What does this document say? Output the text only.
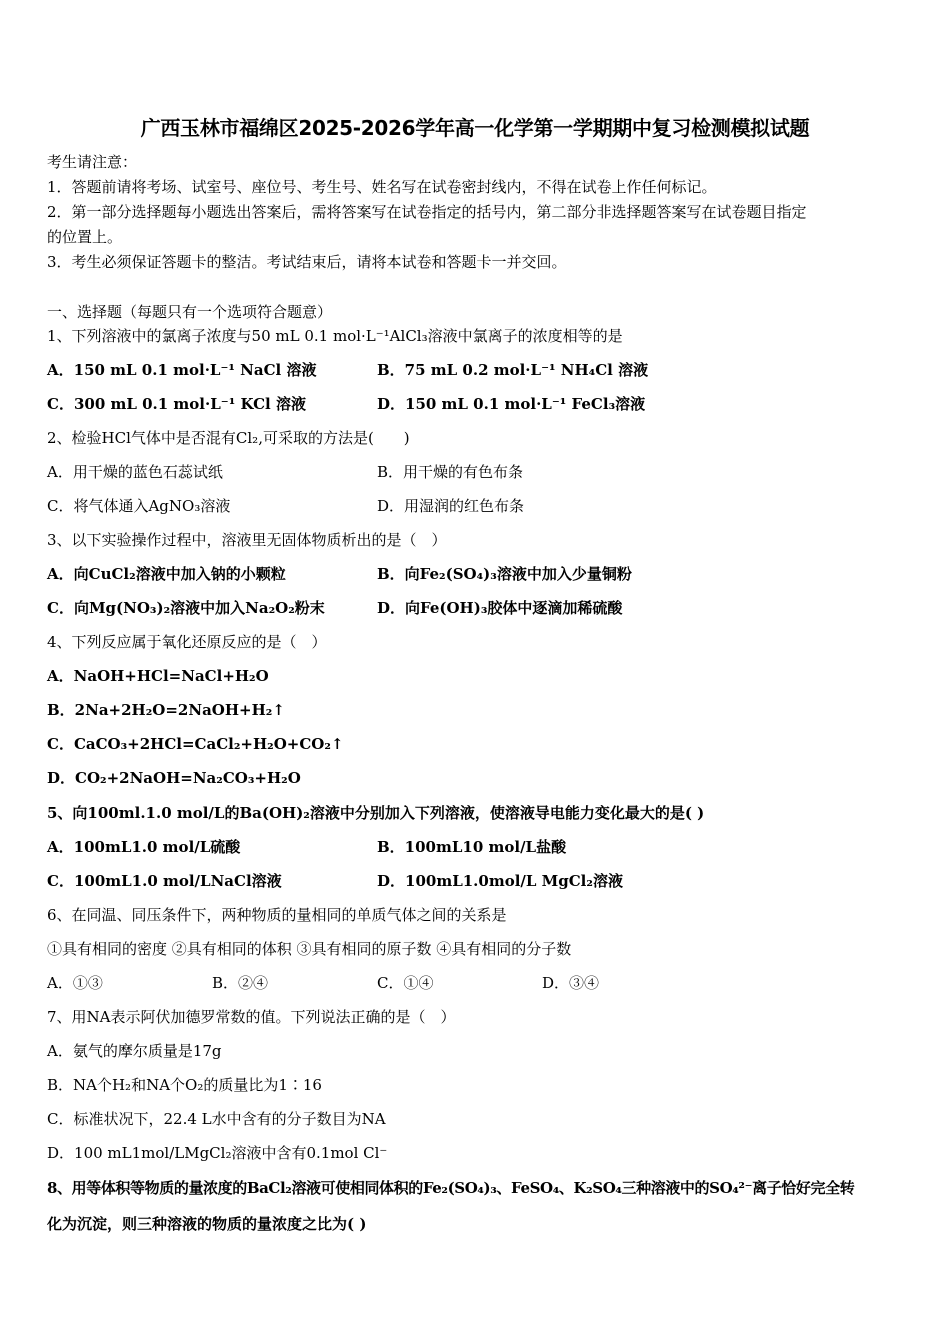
广西玉林市福绵区2025-2026学年高一化学第一学期期中复习检测模拟试题
考生请注意：
1．答题前请将考场、试室号、座位号、考生号、姓名写在试卷密封线内，不得在试卷上作任何标记。
2．第一部分选择题每小题选出答案后，需将答案写在试卷指定的括号内，第二部分非选择题答案写在试卷题目指定
的位置上。
3．考生必须保证答题卡的整洁。考试结束后，请将本试卷和答题卡一并交回。
一、选择题（每题只有一个选项符合题意）
1、下列溶液中的氯离子浓度与50 mL 0.1 mol·L⁻¹AlCl₃溶液中氯离子的浓度相等的是
A．150 mL 0.1 mol·L⁻¹ NaCl 溶液	B．75 mL 0.2 mol·L⁻¹ NH₄Cl 溶液
C．300 mL 0.1 mol·L⁻¹ KCl 溶液	D．150 mL 0.1 mol·L⁻¹ FeCl₃溶液
2、检验HCl气体中是否混有Cl₂,可采取的方法是(　　)
A．用干燥的蓝色石蕊试纸	B．用干燥的有色布条
C．将气体通入AgNO₃溶液	D．用湿润的红色布条
3、以下实验操作过程中，溶液里无固体物质析出的是（　）
A．向CuCl₂溶液中加入钠的小颗粒	B．向Fe₂(SO₄)₃溶液中加入少量铜粉
C．向Mg(NO₃)₂溶液中加入Na₂O₂粉末	D．向Fe(OH)₃胶体中逐滴加稀硫酸
4、下列反应属于氧化还原反应的是（　）
A．NaOH+HCl=NaCl+H₂O
B．2Na+2H₂O=2NaOH+H₂↑
C．CaCO₃+2HCl=CaCl₂+H₂O+CO₂↑
D．CO₂+2NaOH=Na₂CO₃+H₂O
5、向100ml.1.0 mol/L的Ba(OH)₂溶液中分别加入下列溶液，使溶液导电能力变化最大的是( )
A．100mL1.0 mol/L硫酸	B．100mL10 mol/L盐酸
C．100mL1.0 mol/LNaCl溶液	D．100mL1.0mol/L MgCl₂溶液
6、在同温、同压条件下，两种物质的量相同的单质气体之间的关系是
①具有相同的密度 ②具有相同的体积 ③具有相同的原子数 ④具有相同的分子数
A．①③	B．②④	C．①④	D．③④
7、用NA表示阿伏加德罗常数的值。下列说法正确的是（　）
A．氨气的摩尔质量是17g
B．NA个H₂和NA个O₂的质量比为1∶16
C．标准状况下，22.4 L水中含有的分子数目为NA
D．100 mL1mol/LMgCl₂溶液中含有0.1mol Cl⁻
8、用等体积等物质的量浓度的BaCl₂溶液可使相同体积的Fe₂(SO₄)₃、FeSO₄、K₂SO₄三种溶液中的SO₄²⁻离子恰好完全转
化为沉淀，则三种溶液的物质的量浓度之比为( )
